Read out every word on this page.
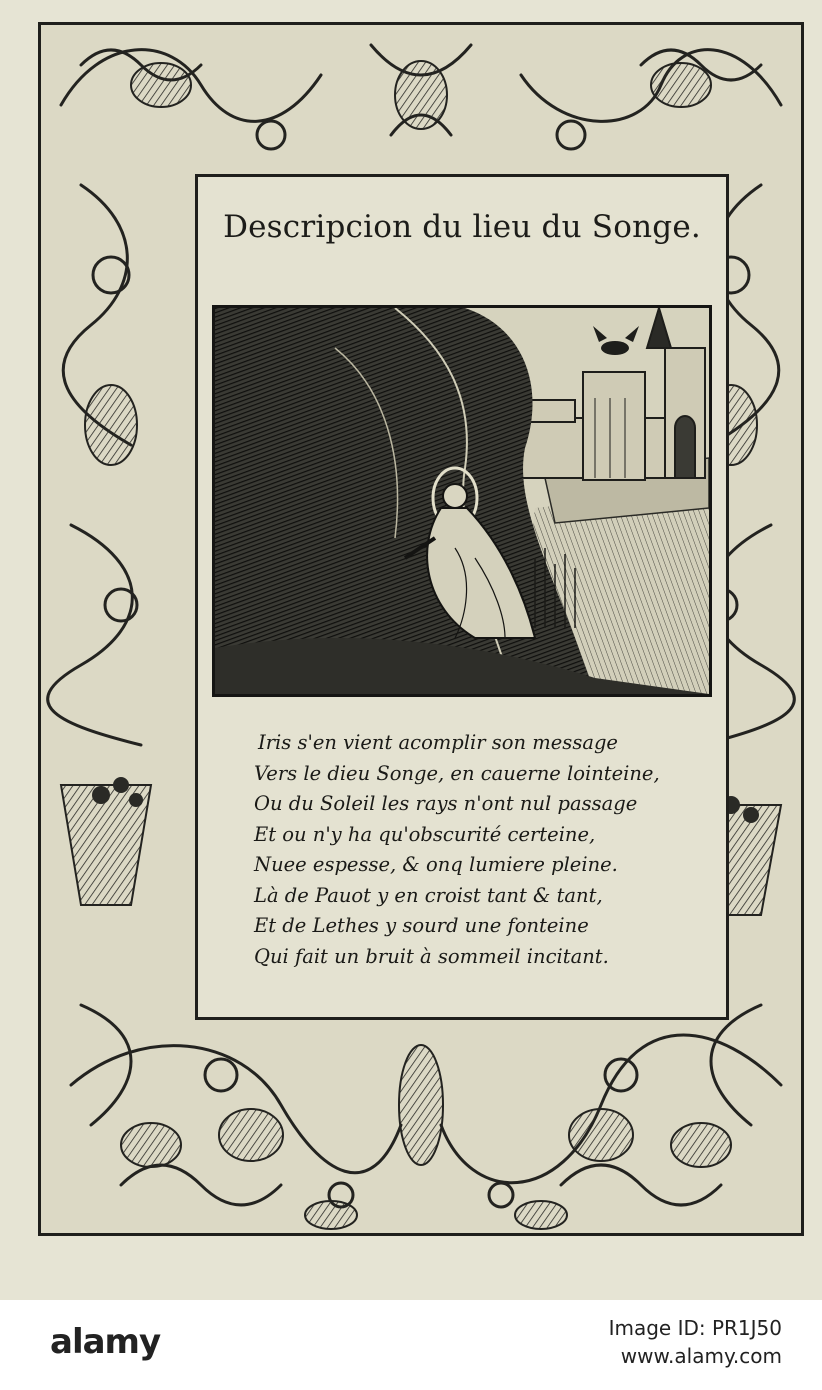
Descripcion du lieu du Songe.
Iris s'en vient acomplir son message
Vers le dieu Songe, en cauerne lointeine,
Ou du Soleil les rays n'ont nul passage
Et ou n'y ha qu'obscurité certeine,
Nuee espesse, & onq lumiere pleine.
Là de Pauot y en croist tant & tant,
Et de Lethes y sourd une fonteine
Qui fait un bruit à sommeil incitant.
alamy	Image ID: PR1J50
www.alamy.com
